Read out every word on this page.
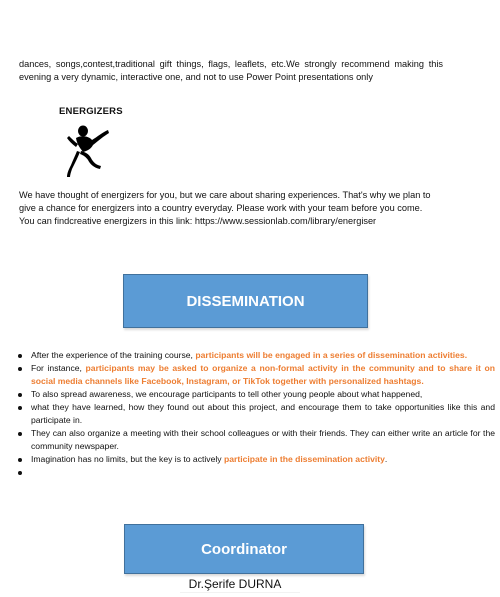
dances, songs,contest,traditional gift things, flags, leaflets, etc.We strongly recommend making this
evening a very dynamic, interactive one, and not to use Power Point presentations only
ENERGIZERS
We have thought of energizers for you, but we care about sharing experiences. That's why we plan to
give a chance for energizers into a country everyday. Please work with your team before you come.
You can findcreative energizers in this link: https://www.sessionlab.com/library/energiser
DISSEMINATION
After the experience of the training course, participants will be engaged in a series of dissemination activities.
For instance, participants may be asked to organize a non-formal activity in the community and to share it on social media channels like Facebook, Instagram, or TikTok together with personalized hashtags.
To also spread awareness, we encourage participants to tell other young people about what happened,
what they have learned, how they found out about this project, and encourage them to take opportunities like this and participate in.
They can also organize a meeting with their school colleagues or with their friends. They can either write an article for the community newspaper.
Imagination has no limits, but the key is to actively participate in the dissemination activity.
Coordinator
Dr.Şerife DURNA
